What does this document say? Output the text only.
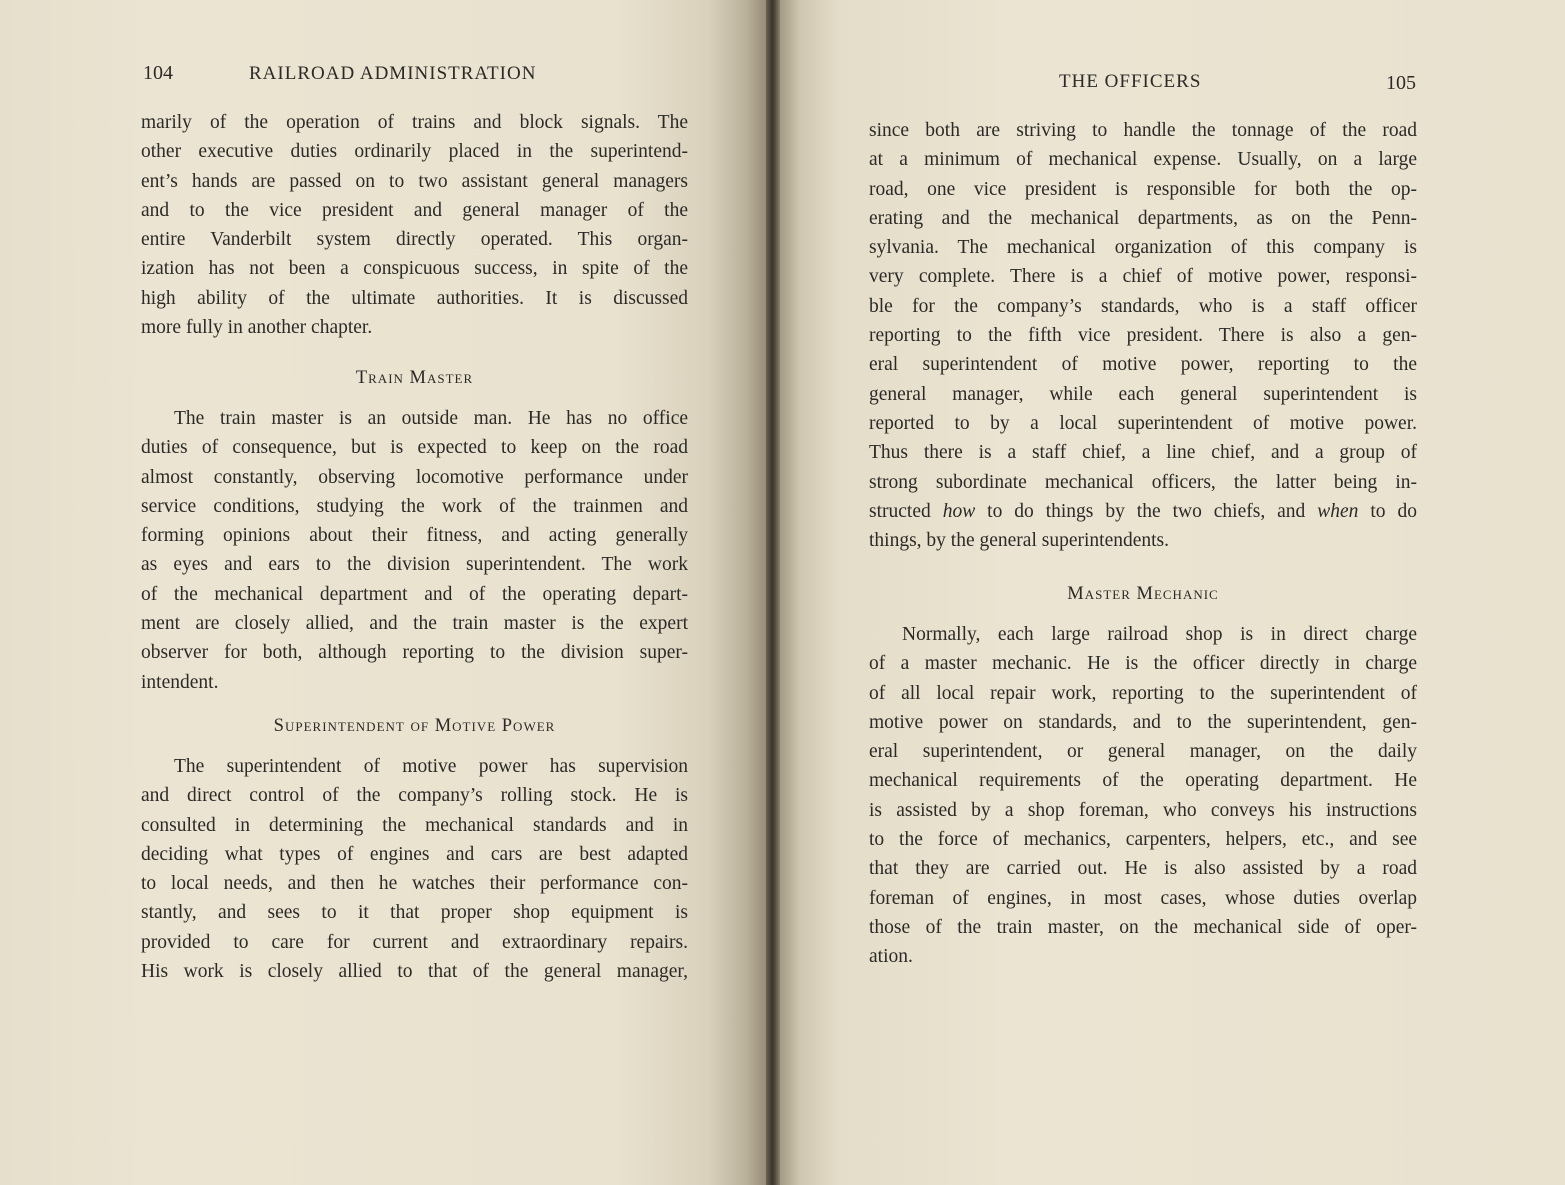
104	RAILROAD ADMINISTRATION
marily of the operation of trains and block signals. The
other executive duties ordinarily placed in the superintend-
ent’s hands are passed on to two assistant general managers
and to the vice president and general manager of the
entire Vanderbilt system directly operated. This organ-
ization has not been a conspicuous success, in spite of the
high ability of the ultimate authorities. It is discussed
more fully in another chapter.
Train Master
The train master is an outside man. He has no office
duties of consequence, but is expected to keep on the road
almost constantly, observing locomotive performance under
service conditions, studying the work of the trainmen and
forming opinions about their fitness, and acting generally
as eyes and ears to the division superintendent. The work
of the mechanical department and of the operating depart-
ment are closely allied, and the train master is the expert
observer for both, although reporting to the division super-
intendent.
Superintendent of Motive Power
The superintendent of motive power has supervision
and direct control of the company’s rolling stock. He is
consulted in determining the mechanical standards and in
deciding what types of engines and cars are best adapted
to local needs, and then he watches their performance con-
stantly, and sees to it that proper shop equipment is
provided to care for current and extraordinary repairs.
His work is closely allied to that of the general manager,
THE OFFICERS	105
since both are striving to handle the tonnage of the road
at a minimum of mechanical expense. Usually, on a large
road, one vice president is responsible for both the op-
erating and the mechanical departments, as on the Penn-
sylvania. The mechanical organization of this company is
very complete. There is a chief of motive power, responsi-
ble for the company’s standards, who is a staff officer
reporting to the fifth vice president. There is also a gen-
eral superintendent of motive power, reporting to the
general manager, while each general superintendent is
reported to by a local superintendent of motive power.
Thus there is a staff chief, a line chief, and a group of
strong subordinate mechanical officers, the latter being in-
structed how to do things by the two chiefs, and when to do
things, by the general superintendents.
Master Mechanic
Normally, each large railroad shop is in direct charge
of a master mechanic. He is the officer directly in charge
of all local repair work, reporting to the superintendent of
motive power on standards, and to the superintendent, gen-
eral superintendent, or general manager, on the daily
mechanical requirements of the operating department. He
is assisted by a shop foreman, who conveys his instructions
to the force of mechanics, carpenters, helpers, etc., and see
that they are carried out. He is also assisted by a road
foreman of engines, in most cases, whose duties overlap
those of the train master, on the mechanical side of oper-
ation.
